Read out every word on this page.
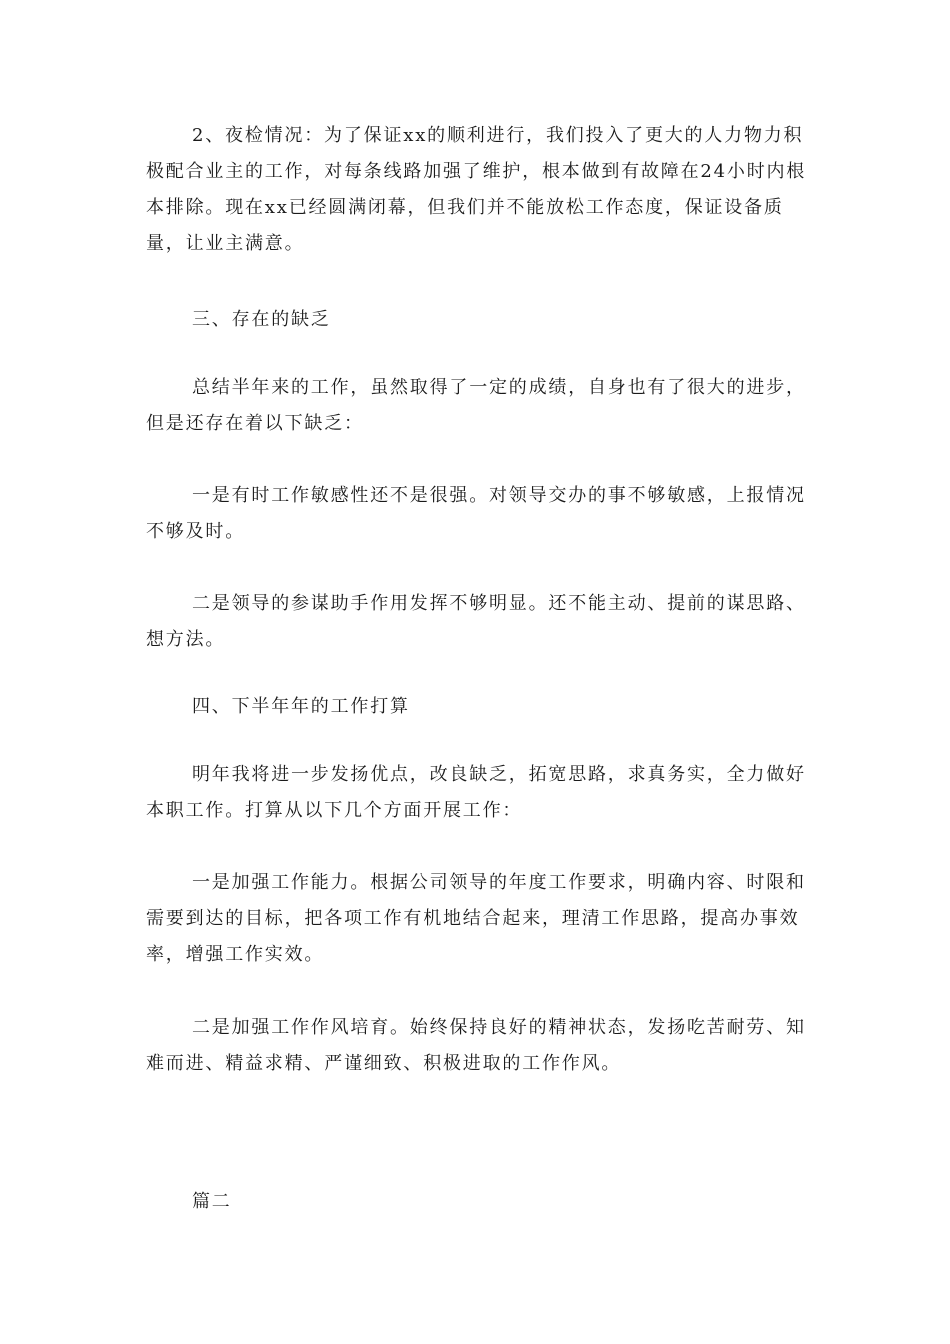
2、夜检情况：为了保证xx的顺利进行，我们投入了更大的人力物力积极配合业主的工作，对每条线路加强了维护，根本做到有故障在24小时内根本排除。现在xx已经圆满闭幕，但我们并不能放松工作态度，保证设备质量，让业主满意。

三、存在的缺乏

总结半年来的工作，虽然取得了一定的成绩，自身也有了很大的进步，但是还存在着以下缺乏：

一是有时工作敏感性还不是很强。对领导交办的事不够敏感，上报情况不够及时。

二是领导的参谋助手作用发挥不够明显。还不能主动、提前的谋思路、想方法。

四、下半年年的工作打算

明年我将进一步发扬优点，改良缺乏，拓宽思路，求真务实，全力做好本职工作。打算从以下几个方面开展工作：

一是加强工作能力。根据公司领导的年度工作要求，明确内容、时限和需要到达的目标，把各项工作有机地结合起来，理清工作思路，提高办事效率，增强工作实效。

二是加强工作作风培育。始终保持良好的精神状态，发扬吃苦耐劳、知难而进、精益求精、严谨细致、积极进取的工作作风。

篇二
